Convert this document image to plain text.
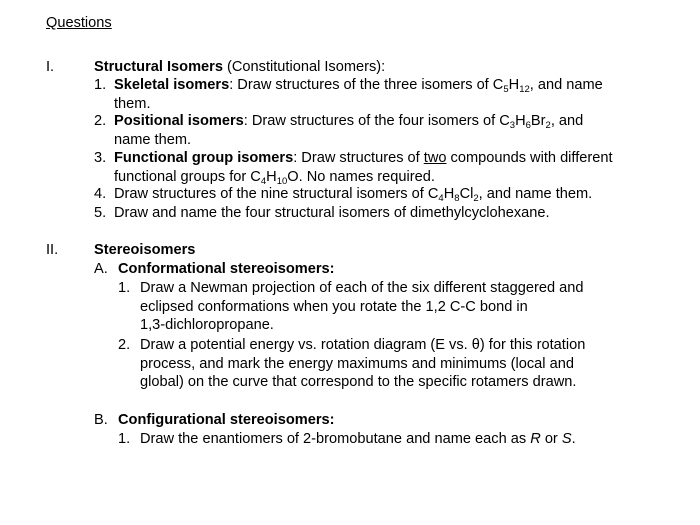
Questions
I.	Structural Isomers (Constitutional Isomers):
1. Skeletal isomers: Draw structures of the three isomers of $C_5H_{12}$, and name
them.
2. Positional isomers: Draw structures of the four isomers of $C_3H_6Br_2$, and
name them.
3. Functional group isomers: Draw structures of two compounds with different
functional groups for $C_4H_{10}O$. No names required.
4. Draw structures of the nine structural isomers of $C_4H_8Cl_2$, and name them.
5. Draw and name the four structural isomers of dimethylcyclohexane.
II. Stereoisomers
A. Conformational stereoisomers:
1. Draw a Newman projection of each of the six different staggered and
eclipsed conformations when you rotate the 1,2 C-C bond in
1,3-dichloropropane.
2. Draw a potential energy vs. rotation diagram (E vs. θ) for this rotation
process, and mark the energy maximums and minimums (local and
global) on the curve that correspond to the specific rotamers drawn.
B. Configurational stereoisomers:
1. Draw the enantiomers of 2-bromobutane and name each as R or S.
